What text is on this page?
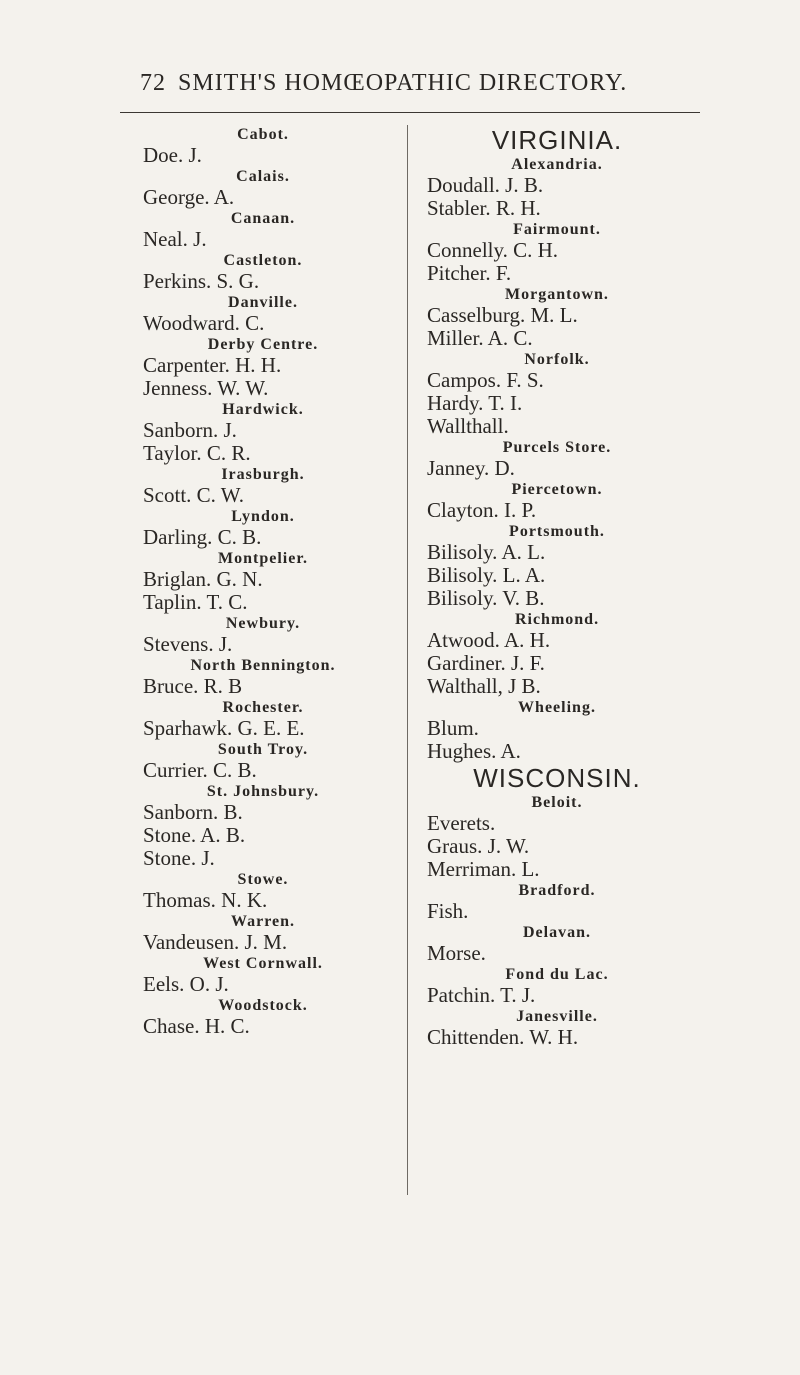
72 SMITH'S HOMŒOPATHIC DIRECTORY.
Cabot.
Doe. J.
Calais.
George. A.
Canaan.
Neal. J.
Castleton.
Perkins. S. G.
Danville.
Woodward. C.
Derby Centre.
Carpenter. H. H.
Jenness. W. W.
Hardwick.
Sanborn. J.
Taylor. C. R.
Irasburgh.
Scott. C. W.
Lyndon.
Darling. C. B.
Montpelier.
Briglan. G. N.
Taplin. T. C.
Newbury.
Stevens. J.
North Bennington.
Bruce. R. B
Rochester.
Sparhawk. G. E. E.
South Troy.
Currier. C. B.
St. Johnsbury.
Sanborn. B.
Stone. A. B.
Stone. J.
Stowe.
Thomas. N. K.
Warren.
Vandeusen. J. M.
West Cornwall.
Eels. O. J.
Woodstock.
Chase. H. C.
VIRGINIA.
Alexandria.
Doudall. J. B.
Stabler. R. H.
Fairmount.
Connelly. C. H.
Pitcher. F.
Morgantown.
Casselburg. M. L.
Miller. A. C.
Norfolk.
Campos. F. S.
Hardy. T. I.
Wallthall.
Purcels Store.
Janney. D.
Piercetown.
Clayton. I. P.
Portsmouth.
Bilisoly. A. L.
Bilisoly. L. A.
Bilisoly. V. B.
Richmond.
Atwood. A. H.
Gardiner. J. F.
Walthall, J B.
Wheeling.
Blum.
Hughes. A.
WISCONSIN.
Beloit.
Everets.
Graus. J. W.
Merriman. L.
Bradford.
Fish.
Delavan.
Morse.
Fond du Lac.
Patchin. T. J.
Janesville.
Chittenden. W. H.
